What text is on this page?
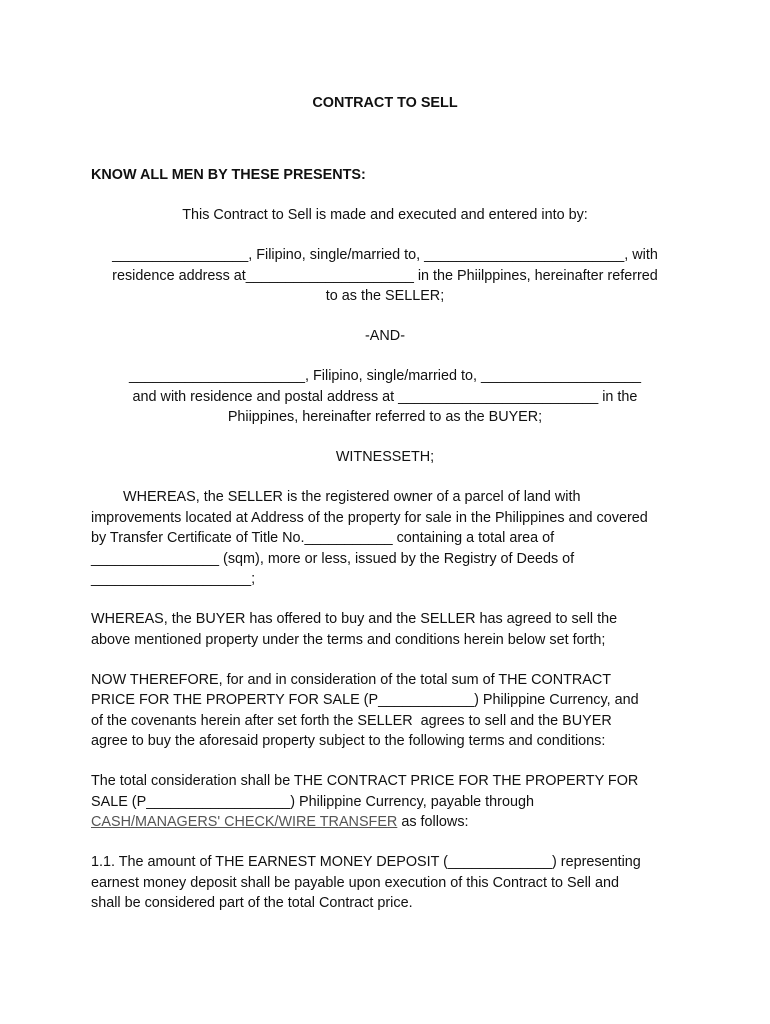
CONTRACT TO SELL
KNOW ALL MEN BY THESE PRESENTS:
This Contract to Sell is made and executed and entered into by:
_________________, Filipino, single/married to, _________________________, with
residence address at_____________________ in the Phiilppines, hereinafter referred
to as the SELLER;
-AND-
______________________, Filipino, single/married to, ____________________
and with residence and postal address at _________________________ in the
Phiippines, hereinafter referred to as the BUYER;
WITNESSETH;
WHEREAS, the SELLER is the registered owner of a parcel of land with
improvements located at Address of the property for sale in the Philippines and covered
by Transfer Certificate of Title No.___________ containing a total area of
________________ (sqm), more or less, issued by the Registry of Deeds of
____________________;
WHEREAS, the BUYER has offered to buy and the SELLER has agreed to sell the
above mentioned property under the terms and conditions herein below set forth;
NOW THEREFORE, for and in consideration of the total sum of THE CONTRACT
PRICE FOR THE PROPERTY FOR SALE (P____________) Philippine Currency, and
of the covenants herein after set forth the SELLER  agrees to sell and the BUYER
agree to buy the aforesaid property subject to the following terms and conditions:
The total consideration shall be THE CONTRACT PRICE FOR THE PROPERTY FOR
SALE (P__________________) Philippine Currency, payable through
CASH/MANAGERS' CHECK/WIRE TRANSFER as follows:
1.1. The amount of THE EARNEST MONEY DEPOSIT (_____________) representing
earnest money deposit shall be payable upon execution of this Contract to Sell and
shall be considered part of the total Contract price.
